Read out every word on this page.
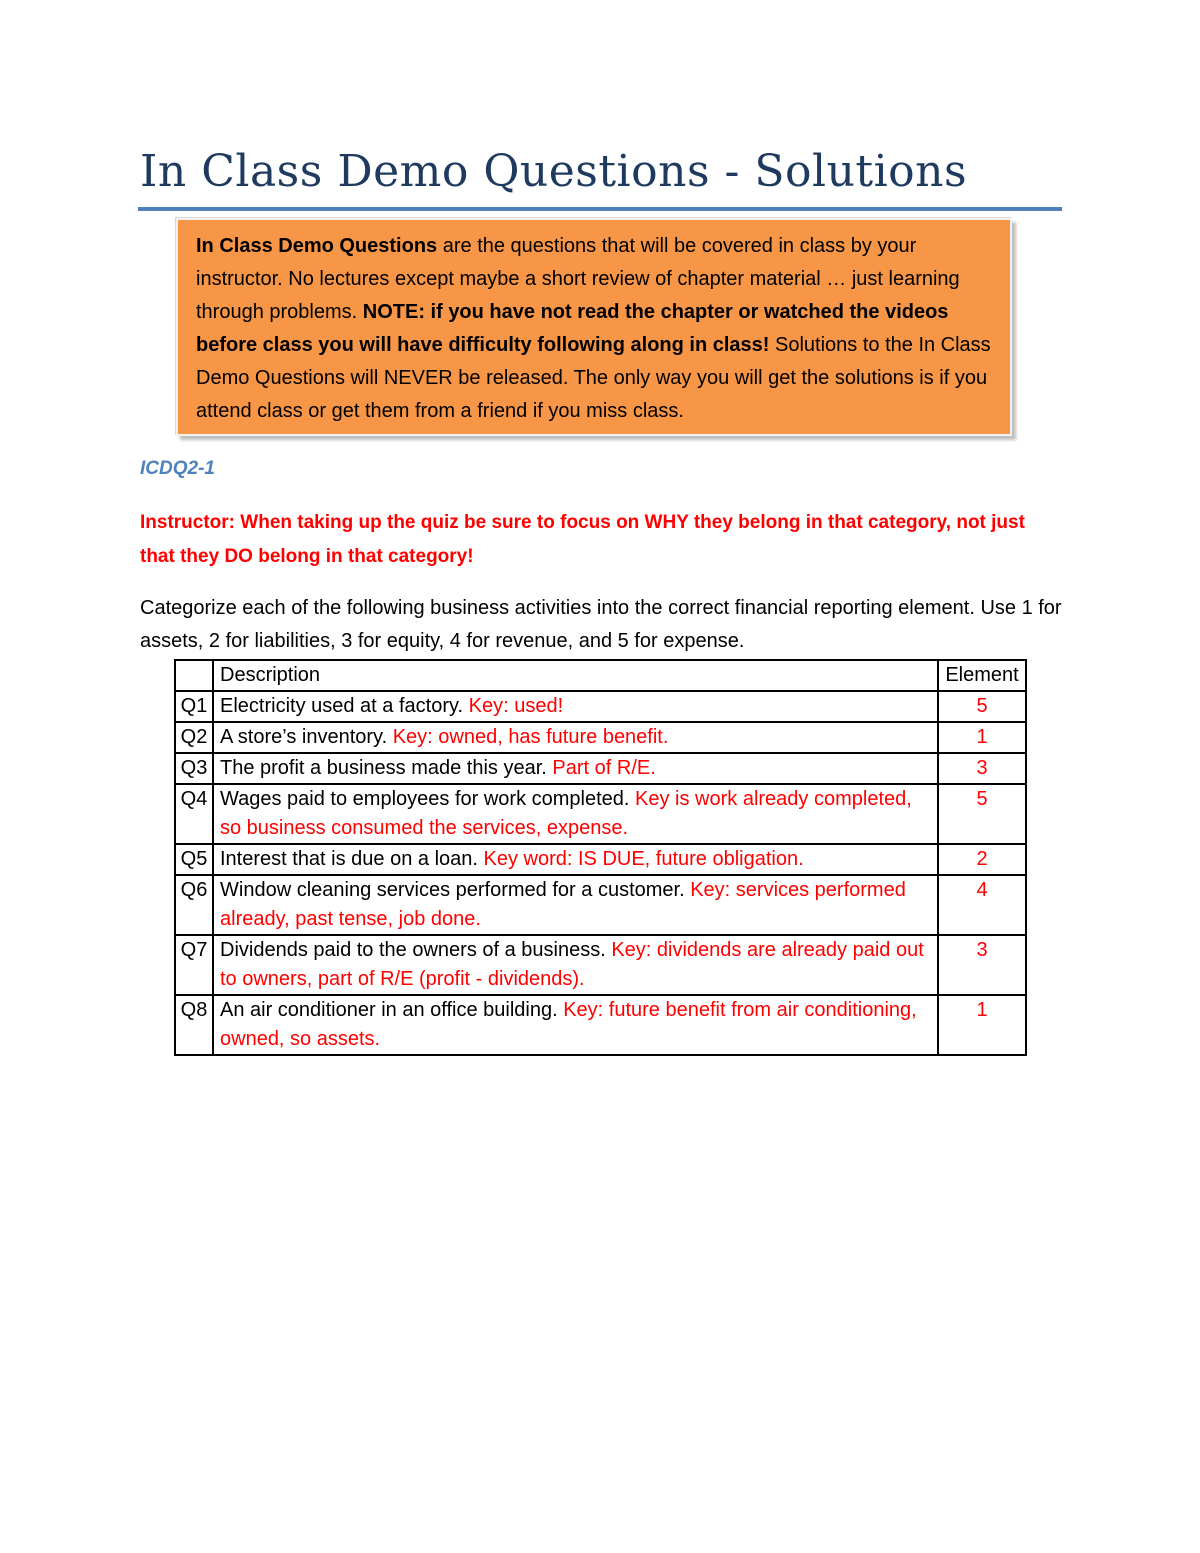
In Class Demo Questions - Solutions
In Class Demo Questions are the questions that will be covered in class by your instructor. No lectures except maybe a short review of chapter material … just learning through problems. NOTE: if you have not read the chapter or watched the videos before class you will have difficulty following along in class! Solutions to the In Class Demo Questions will NEVER be released. The only way you will get the solutions is if you attend class or get them from a friend if you miss class.
ICDQ2-1
Instructor: When taking up the quiz be sure to focus on WHY they belong in that category, not just that they DO belong in that category!
Categorize each of the following business activities into the correct financial reporting element. Use 1 for assets, 2 for liabilities, 3 for equity, 4 for revenue, and 5 for expense.
	Description	Element
Q1	Electricity used at a factory. Key: used!	5
Q2	A store’s inventory. Key: owned, has future benefit.	1
Q3	The profit a business made this year. Part of R/E.	3
Q4	Wages paid to employees for work completed. Key is work already completed, so business consumed the services, expense.	5
Q5	Interest that is due on a loan. Key word: IS DUE, future obligation.	2
Q6	Window cleaning services performed for a customer. Key: services performed already, past tense, job done.	4
Q7	Dividends paid to the owners of a business. Key: dividends are already paid out to owners, part of R/E (profit - dividends).	3
Q8	An air conditioner in an office building. Key: future benefit from air conditioning, owned, so assets.	1
